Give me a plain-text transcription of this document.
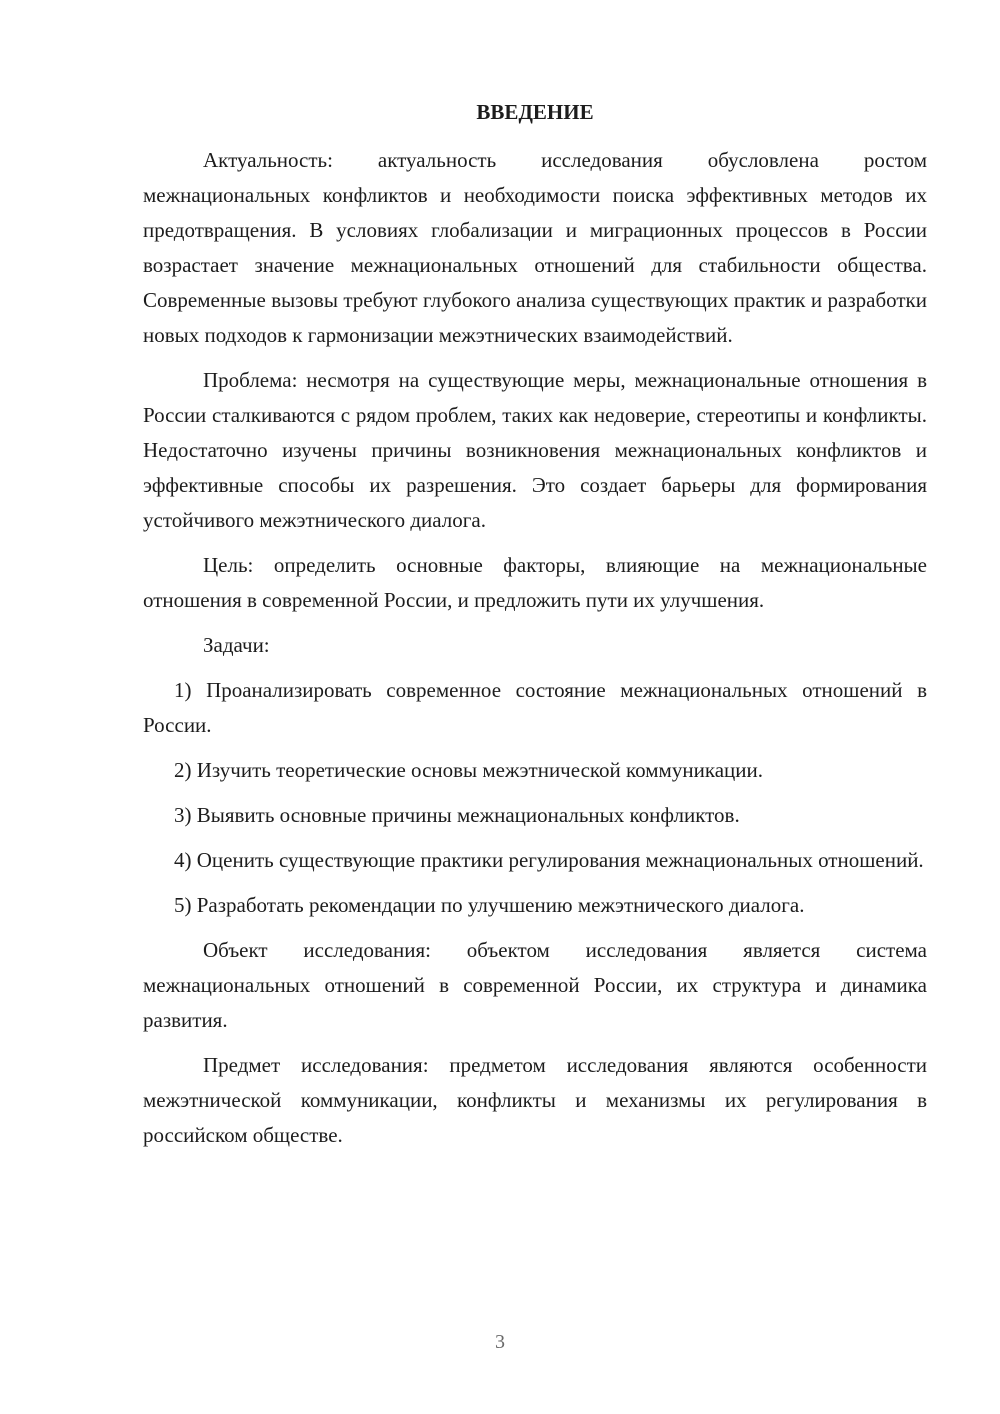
ВВЕДЕНИЕ

Актуальность: актуальность исследования обусловлена ростом межнациональных конфликтов и необходимости поиска эффективных методов их предотвращения. В условиях глобализации и миграционных процессов в России возрастает значение межнациональных отношений для стабильности общества. Современные вызовы требуют глубокого анализа существующих практик и разработки новых подходов к гармонизации межэтнических взаимодействий.

Проблема: несмотря на существующие меры, межнациональные отношения в России сталкиваются с рядом проблем, таких как недоверие, стереотипы и конфликты. Недостаточно изучены причины возникновения межнациональных конфликтов и эффективные способы их разрешения. Это создает барьеры для формирования устойчивого межэтнического диалога.

Цель: определить основные факторы, влияющие на межнациональные отношения в современной России, и предложить пути их улучшения.

Задачи:

1) Проанализировать современное состояние межнациональных отношений в России.

2) Изучить теоретические основы межэтнической коммуникации.

3) Выявить основные причины межнациональных конфликтов.

4) Оценить существующие практики регулирования межнациональных отношений.

5) Разработать рекомендации по улучшению межэтнического диалога.

Объект исследования: объектом исследования является система межнациональных отношений в современной России, их структура и динамика развития.

Предмет исследования: предметом исследования являются особенности межэтнической коммуникации, конфликты и механизмы их регулирования в российском обществе.

3
